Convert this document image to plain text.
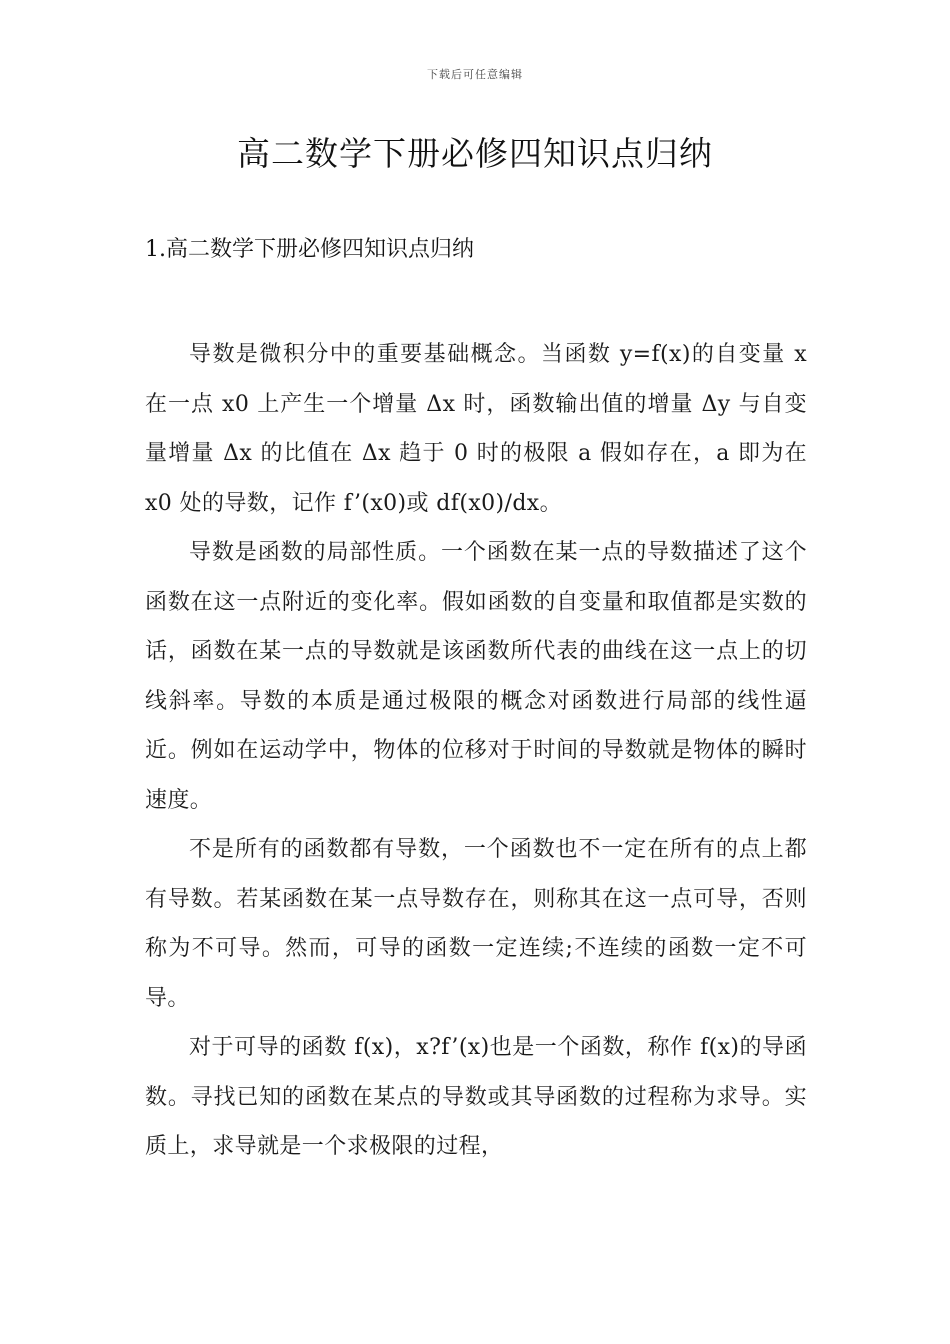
下载后可任意编辑
高二数学下册必修四知识点归纳
1.高二数学下册必修四知识点归纳

导数是微积分中的重要基础概念。当函数 y=f(x)的自变量 x 在一点 x0 上产生一个增量 Δx 时，函数输出值的增量 Δy 与自变量增量 Δx 的比值在 Δx 趋于 0 时的极限 a 假如存在，a 即为在 x0 处的导数，记作 f’(x0)或 df(x0)/dx。

导数是函数的局部性质。一个函数在某一点的导数描述了这个函数在这一点附近的变化率。假如函数的自变量和取值都是实数的话，函数在某一点的导数就是该函数所代表的曲线在这一点上的切线斜率。导数的本质是通过极限的概念对函数进行局部的线性逼近。例如在运动学中，物体的位移对于时间的导数就是物体的瞬时速度。

不是所有的函数都有导数，一个函数也不一定在所有的点上都有导数。若某函数在某一点导数存在，则称其在这一点可导，否则称为不可导。然而，可导的函数一定连续;不连续的函数一定不可导。

对于可导的函数 f(x)，x?f’(x)也是一个函数，称作 f(x)的导函数。寻找已知的函数在某点的导数或其导函数的过程称为求导。实质上，求导就是一个求极限的过程，
